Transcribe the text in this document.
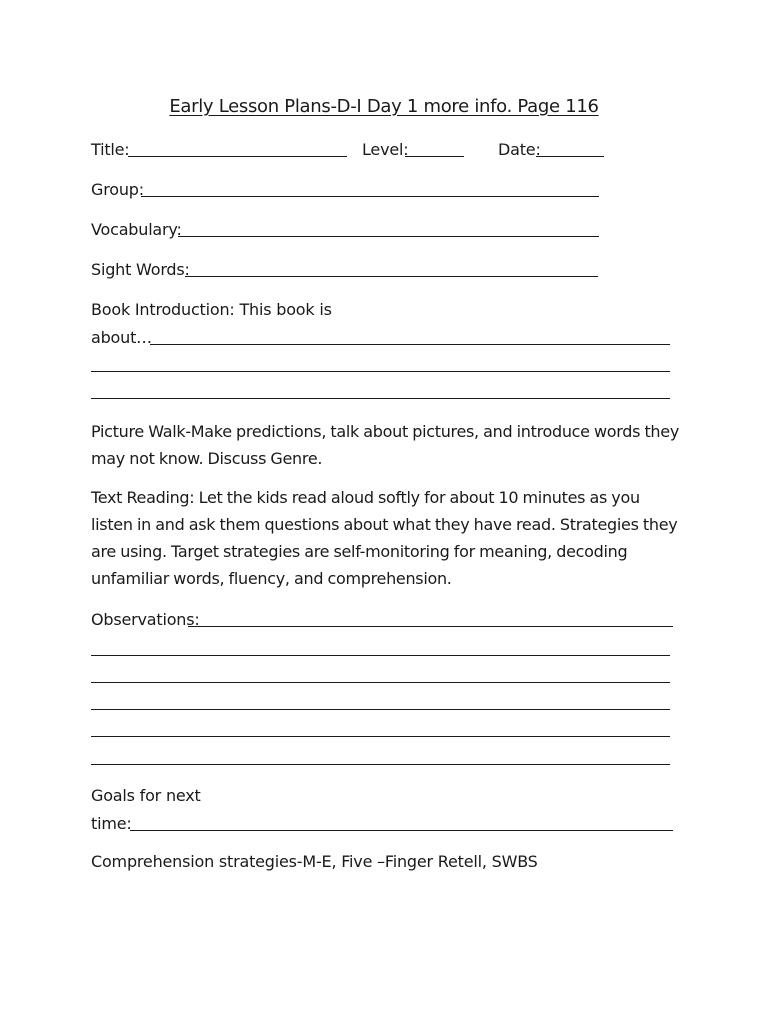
Early Lesson Plans-D-I Day 1 more info. Page 116
Title:	Level:	Date:
Group:
Vocabulary:
Sight Words:
Book Introduction: This book is
about…
Picture Walk-Make predictions, talk about pictures, and introduce words they may not know. Discuss Genre.
Text Reading: Let the kids read aloud softly for about 10 minutes as you listen in and ask them questions about what they have read. Strategies they are using. Target strategies are self-monitoring for meaning, decoding unfamiliar words, fluency, and comprehension.
Observations:
Goals for next
time:
Comprehension strategies-M-E, Five –Finger Retell, SWBS
